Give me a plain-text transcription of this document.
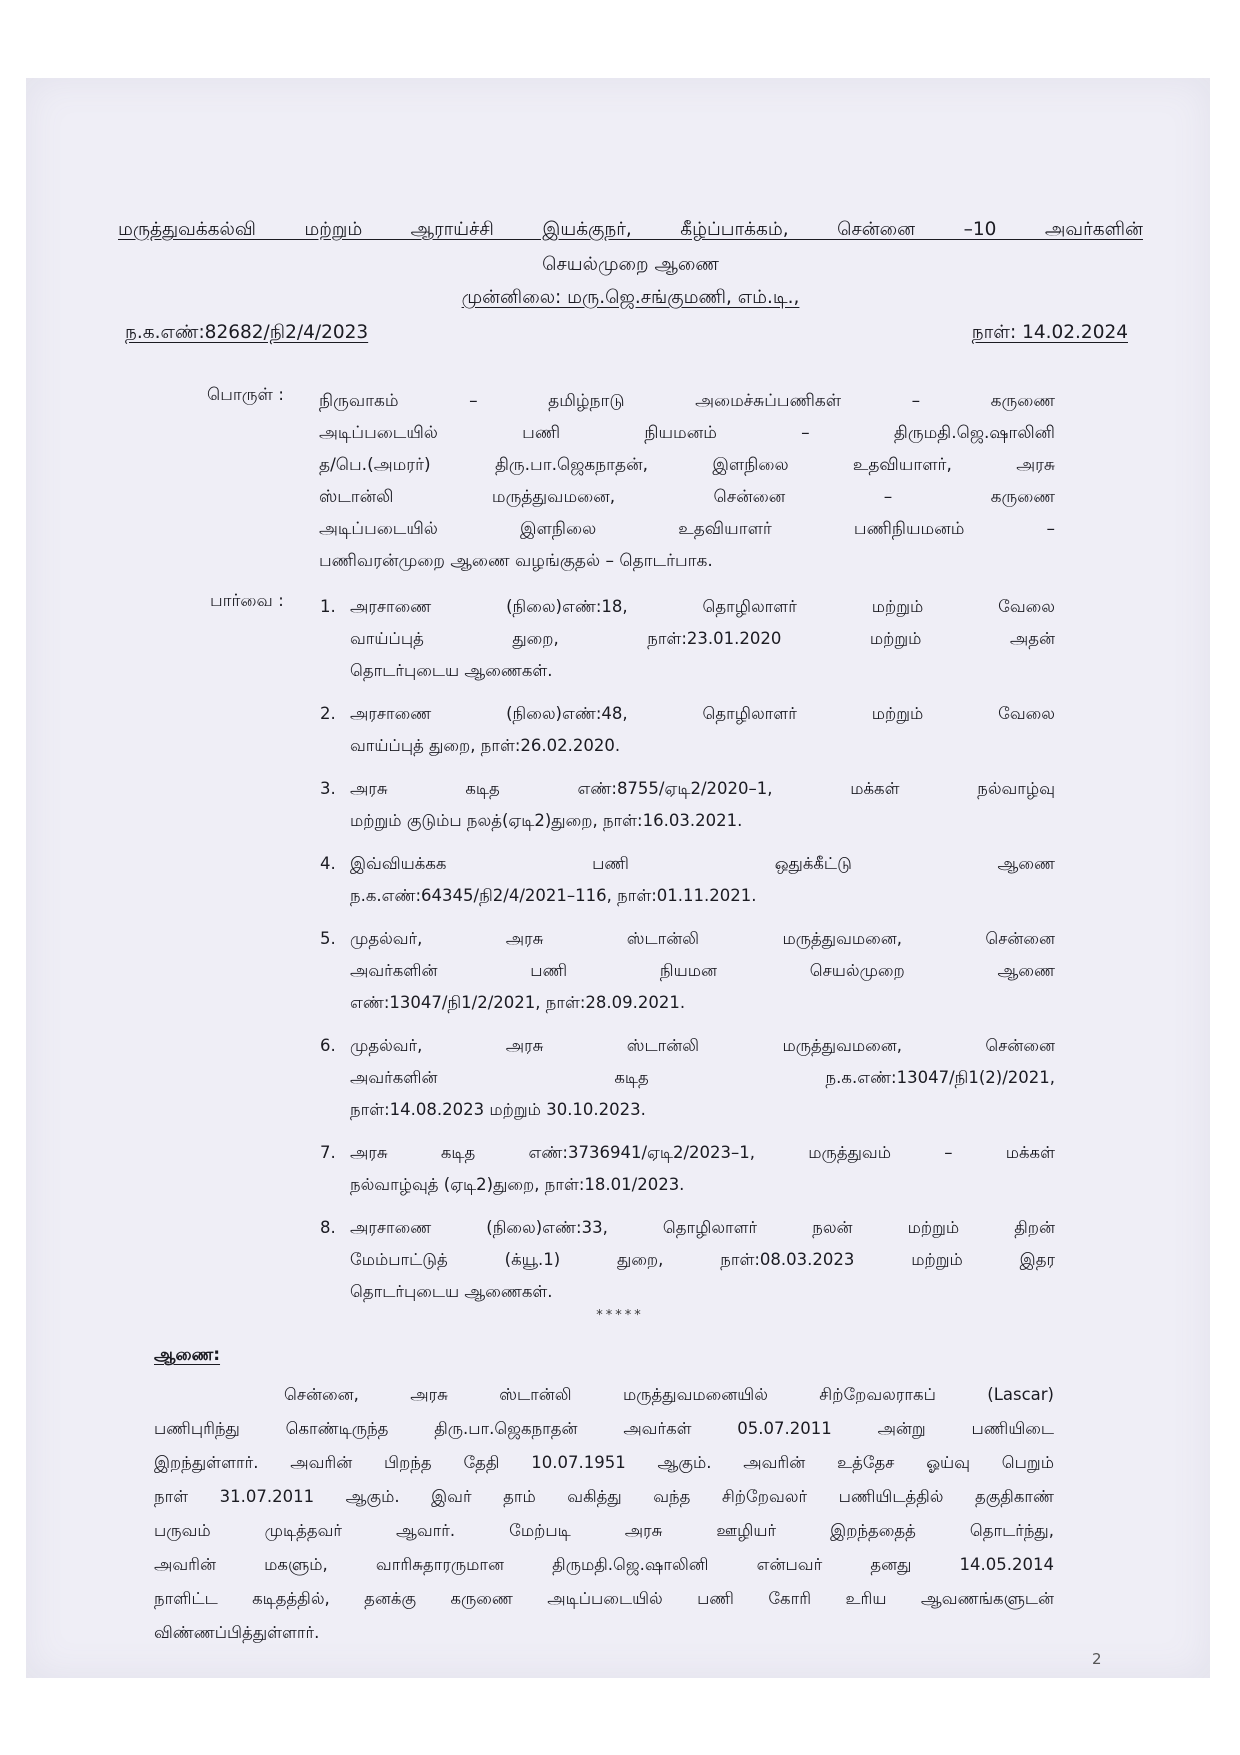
மருத்துவக்கல்வி மற்றும் ஆராய்ச்சி இயக்குநர், கீழ்ப்பாக்கம், சென்னை –10 அவர்களின்
செயல்முறை ஆணை
முன்னிலை: மரு.ஜெ.சங்குமணி, எம்.டி.,
ந.க.எண்:82682/நி2/4/2023	நாள்: 14.02.2024
பொருள் : நிருவாகம் – தமிழ்நாடு அமைச்சுப்பணிகள் – கருணை
அடிப்படையில் பணி நியமனம் – திருமதி.ஜெ.ஷாலினி
த/பெ.(அமரர்) திரு.பா.ஜெகநாதன், இளநிலை உதவியாளர், அரசு
ஸ்டான்லி மருத்துவமனை, சென்னை – கருணை
அடிப்படையில் இளநிலை உதவியாளர் பணிநியமனம் –
பணிவரன்முறை ஆணை வழங்குதல் – தொடர்பாக.
பார்வை : 1. அரசாணை (நிலை)எண்:18, தொழிலாளர் மற்றும் வேலை
வாய்ப்புத் துறை, நாள்:23.01.2020 மற்றும் அதன்
தொடர்புடைய ஆணைகள்.
2. அரசாணை (நிலை)எண்:48, தொழிலாளர் மற்றும் வேலை
வாய்ப்புத் துறை, நாள்:26.02.2020.
3. அரசு கடித எண்:8755/ஏடி2/2020–1, மக்கள் நல்வாழ்வு
மற்றும் குடும்ப நலத்(ஏடி2)துறை, நாள்:16.03.2021.
4. இவ்வியக்கக பணி ஒதுக்கீட்டு ஆணை
ந.க.எண்:64345/நி2/4/2021–116, நாள்:01.11.2021.
5. முதல்வர், அரசு ஸ்டான்லி மருத்துவமனை, சென்னை
அவர்களின் பணி நியமன செயல்முறை ஆணை
எண்:13047/நி1/2/2021, நாள்:28.09.2021.
6. முதல்வர், அரசு ஸ்டான்லி மருத்துவமனை, சென்னை
அவர்களின் கடித ந.க.எண்:13047/நி1(2)/2021,
நாள்:14.08.2023 மற்றும் 30.10.2023.
7. அரசு கடித எண்:3736941/ஏடி2/2023–1, மருத்துவம் – மக்கள்
நல்வாழ்வுத் (ஏடி2)துறை, நாள்:18.01/2023.
8. அரசாணை (நிலை)எண்:33, தொழிலாளர் நலன் மற்றும் திறன்
மேம்பாட்டுத் (க்யூ.1) துறை, நாள்:08.03.2023 மற்றும் இதர
தொடர்புடைய ஆணைகள்.
*****
ஆணை:
சென்னை, அரசு ஸ்டான்லி மருத்துவமனையில் சிற்றேவலராகப் (Lascar)
பணிபுரிந்து கொண்டிருந்த திரு.பா.ஜெகநாதன் அவர்கள் 05.07.2011 அன்று பணியிடை
இறந்துள்ளார். அவரின் பிறந்த தேதி 10.07.1951 ஆகும். அவரின் உத்தேச ஓய்வு பெறும்
நாள் 31.07.2011 ஆகும். இவர் தாம் வகித்து வந்த சிற்றேவலர் பணியிடத்தில் தகுதிகாண்
பருவம் முடித்தவர் ஆவார். மேற்படி அரசு ஊழியர் இறந்ததைத் தொடர்ந்து,
அவரின் மகளும், வாரிசுதாரருமான திருமதி.ஜெ.ஷாலினி என்பவர் தனது 14.05.2014
நாளிட்ட கடிதத்தில், தனக்கு கருணை அடிப்படையில் பணி கோரி உரிய ஆவணங்களுடன்
விண்ணப்பித்துள்ளார்.
2
